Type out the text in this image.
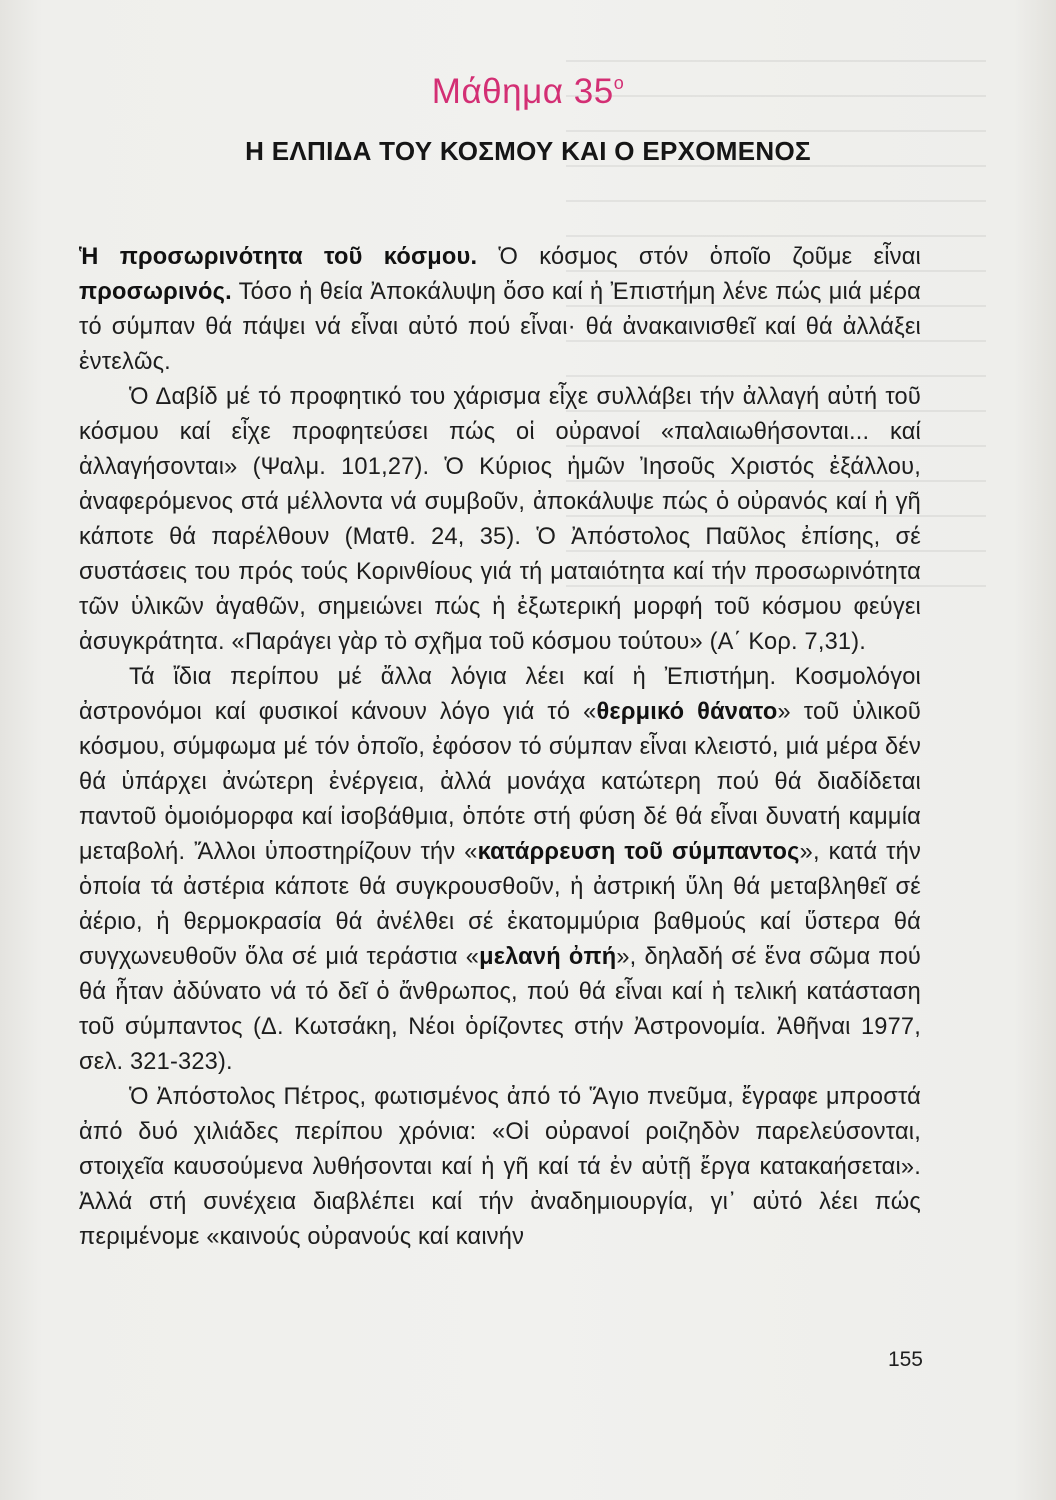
Μάθημα $35^o$
Η ΕΛΠΙΔΑ ΤΟΥ ΚΟΣΜΟΥ ΚΑΙ Ο ΕΡΧΟΜΕΝΟΣ

Ἡ προσωρινότητα τοῦ κόσμου. Ὁ κόσμος στόν ὁποῖο ζοῦμε εἶναι προσωρινός. Τόσο ἡ θεία Ἀποκάλυψη ὅσο καί ἡ Ἐπιστήμη λένε πώς μιά μέρα τό σύμπαν θά πάψει νά εἶναι αὐτό πού εἶναι· θά ἀνακαινισθεῖ καί θά ἀλλάξει ἐντελῶς.

Ὁ Δαβίδ μέ τό προφητικό του χάρισμα εἶχε συλλάβει τήν ἀλλαγή αὐτή τοῦ κόσμου καί εἶχε προφητεύσει πώς οἱ οὐρανοί «παλαιωθήσονται... καί ἀλλαγήσονται» (Ψαλμ. 101,27). Ὁ Κύριος ἡμῶν Ἰησοῦς Χριστός ἐξάλλου, ἀναφερόμενος στά μέλλοντα νά συμβοῦν, ἀποκάλυψε πώς ὁ οὐρανός καί ἡ γῆ κάποτε θά παρέλθουν (Ματθ. 24, 35). Ὁ Ἀπόστολος Παῦλος ἐπίσης, σέ συστάσεις του πρός τούς Κορινθίους γιά τή ματαιότητα καί τήν προσωρινότητα τῶν ὑλικῶν ἀγαθῶν, σημειώνει πώς ἡ ἐξωτερική μορφή τοῦ κόσμου φεύγει ἀσυγκράτητα. «Παράγει γὰρ τὸ σχῆμα τοῦ κόσμου τούτου» (Α΄ Κορ. 7,31).

Τά ἴδια περίπου μέ ἄλλα λόγια λέει καί ἡ Ἐπιστήμη. Κοσμολόγοι ἀστρονόμοι καί φυσικοί κάνουν λόγο γιά τό «θερμικό θάνατο» τοῦ ὑλικοῦ κόσμου, σύμφωμα μέ τόν ὁποῖο, ἐφόσον τό σύμπαν εἶναι κλειστό, μιά μέρα δέν θά ὑπάρχει ἀνώτερη ἐνέργεια, ἀλλά μονάχα κατώτερη πού θά διαδίδεται παντοῦ ὁμοιόμορφα καί ἰσοβάθμια, ὁπότε στή φύση δέ θά εἶναι δυνατή καμμία μεταβολή. Ἄλλοι ὑποστηρίζουν τήν «κατάρρευση τοῦ σύμπαντος», κατά τήν ὁποία τά ἀστέρια κάποτε θά συγκρουσθοῦν, ἡ ἀστρική ὕλη θά μεταβληθεῖ σέ ἀέριο, ἡ θερμοκρασία θά ἀνέλθει σέ ἑκατομμύρια βαθμούς καί ὕστερα θά συγχωνευθοῦν ὅλα σέ μιά τεράστια «μελανή ὀπή», δηλαδή σέ ἕνα σῶμα πού θά ἦταν ἀδύνατο νά τό δεῖ ὁ ἄνθρωπος, πού θά εἶναι καί ἡ τελική κατάσταση τοῦ σύμπαντος (Δ. Κωτσάκη, Νέοι ὁρίζοντες στήν Ἀστρονομία. Ἀθῆναι 1977, σελ. 321-323).

Ὁ Ἀπόστολος Πέτρος, φωτισμένος ἀπό τό Ἅγιο πνεῦμα, ἔγραφε μπροστά ἀπό δυό χιλιάδες περίπου χρόνια: «Οἱ οὐρανοί ροιζηδὸν παρελεύσονται, στοιχεῖα καυσούμενα λυθήσονται καί ἡ γῆ καί τά ἐν αὐτῇ ἔργα κατακαήσεται». Ἀλλά στή συνέχεια διαβλέπει καί τήν ἀναδημιουργία, γι᾽ αὐτό λέει πώς περιμένομε «καινούς οὐρανούς καί καινήν

155
